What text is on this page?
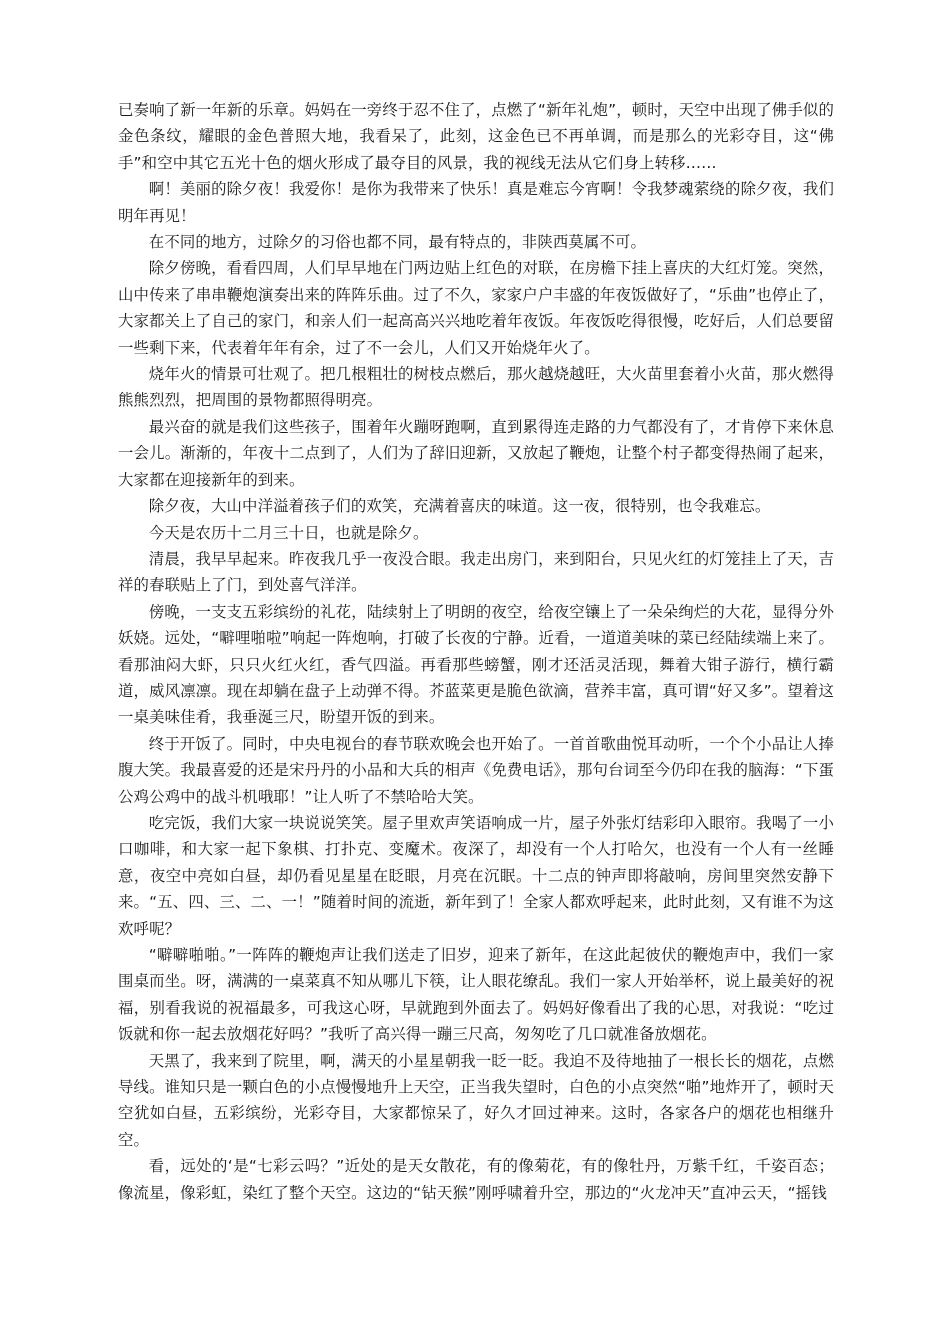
已奏响了新一年新的乐章。妈妈在一旁终于忍不住了，点燃了“新年礼炮”，顿时，天空中出现了佛手似的金色条纹，耀眼的金色普照大地，我看呆了，此刻，这金色已不再单调，而是那么的光彩夺目，这“佛手”和空中其它五光十色的烟火形成了最夺目的风景，我的视线无法从它们身上转移……

啊！美丽的除夕夜！我爱你！是你为我带来了快乐！真是难忘今宵啊！令我梦魂萦绕的除夕夜，我们明年再见！

在不同的地方，过除夕的习俗也都不同，最有特点的，非陕西莫属不可。

除夕傍晚，看看四周，人们早早地在门两边贴上红色的对联，在房檐下挂上喜庆的大红灯笼。突然，山中传来了串串鞭炮演奏出来的阵阵乐曲。过了不久，家家户户丰盛的年夜饭做好了，“乐曲”也停止了，大家都关上了自己的家门，和亲人们一起高高兴兴地吃着年夜饭。年夜饭吃得很慢，吃好后，人们总要留一些剩下来，代表着年年有余，过了不一会儿，人们又开始烧年火了。

烧年火的情景可壮观了。把几根粗壮的树枝点燃后，那火越烧越旺，大火苗里套着小火苗，那火燃得熊熊烈烈，把周围的景物都照得明亮。

最兴奋的就是我们这些孩子，围着年火蹦呀跑啊，直到累得连走路的力气都没有了，才肯停下来休息一会儿。渐渐的，年夜十二点到了，人们为了辞旧迎新，又放起了鞭炮，让整个村子都变得热闹了起来，大家都在迎接新年的到来。

除夕夜，大山中洋溢着孩子们的欢笑，充满着喜庆的味道。这一夜，很特别，也令我难忘。

今天是农历十二月三十日，也就是除夕。

清晨，我早早起来。昨夜我几乎一夜没合眼。我走出房门，来到阳台，只见火红的灯笼挂上了天，吉祥的春联贴上了门，到处喜气洋洋。

傍晚，一支支五彩缤纷的礼花，陆续射上了明朗的夜空，给夜空镶上了一朵朵绚烂的大花，显得分外妖娆。远处，“噼哩啪啦”响起一阵炮响，打破了长夜的宁静。近看，一道道美味的菜已经陆续端上来了。看那油闷大虾，只只火红火红，香气四溢。再看那些螃蟹，刚才还活灵活现，舞着大钳子游行，横行霸道，威风凛凛。现在却躺在盘子上动弹不得。芥蓝菜更是脆色欲滴，营养丰富，真可谓“好又多”。望着这一桌美味佳肴，我垂涎三尺，盼望开饭的到来。

终于开饭了。同时，中央电视台的春节联欢晚会也开始了。一首首歌曲悦耳动听，一个个小品让人捧腹大笑。我最喜爱的还是宋丹丹的小品和大兵的相声《免费电话》，那句台词至今仍印在我的脑海：“下蛋公鸡公鸡中的战斗机哦耶！”让人听了不禁哈哈大笑。

吃完饭，我们大家一块说说笑笑。屋子里欢声笑语响成一片，屋子外张灯结彩印入眼帘。我喝了一小口咖啡，和大家一起下象棋、打扑克、变魔术。夜深了，却没有一个人打哈欠，也没有一个人有一丝睡意，夜空中亮如白昼，却仍看见星星在眨眼，月亮在沉眠。十二点的钟声即将敲响，房间里突然安静下来。“五、四、三、二、一！”随着时间的流逝，新年到了！全家人都欢呼起来，此时此刻，又有谁不为这欢呼呢？

“噼噼啪啪。”一阵阵的鞭炮声让我们送走了旧岁，迎来了新年，在这此起彼伏的鞭炮声中，我们一家围桌而坐。呀，满满的一桌菜真不知从哪儿下筷，让人眼花缭乱。我们一家人开始举杯，说上最美好的祝福，别看我说的祝福最多，可我这心呀，早就跑到外面去了。妈妈好像看出了我的心思，对我说：“吃过饭就和你一起去放烟花好吗？”我听了高兴得一蹦三尺高，匆匆吃了几口就准备放烟花。

天黑了，我来到了院里，啊，满天的小星星朝我一眨一眨。我迫不及待地抽了一根长长的烟花，点燃导线。谁知只是一颗白色的小点慢慢地升上天空，正当我失望时，白色的小点突然“啪”地炸开了，顿时天空犹如白昼，五彩缤纷，光彩夺目，大家都惊呆了，好久才回过神来。这时，各家各户的烟花也相继升空。

看，远处的‘是“七彩云吗？”近处的是天女散花，有的像菊花，有的像牡丹，万紫千红，千姿百态；像流星，像彩虹，染红了整个天空。这边的“钻天猴”刚呼啸着升空，那边的“火龙冲天”直冲云天，“摇钱
